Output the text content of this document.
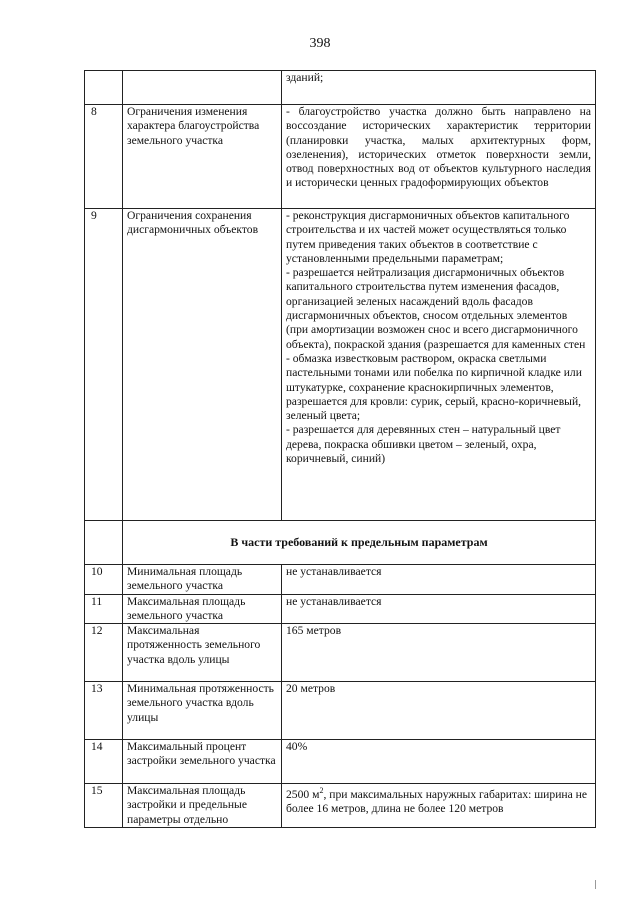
398
		зданий;
8	Ограничения изменения характера благоустройства земельного участка	- благоустройство участка должно быть направлено на воссоздание исторических характеристик территории (планировки участка, малых архитектурных форм, озеленения), исторических отметок поверхности земли, отвод поверхностных вод от объектов культурного наследия и исторически ценных градоформирующих объектов
9	Ограничения сохранения дисгармоничных объектов	- реконструкция дисгармоничных объектов капитального строительства и их частей может осуществляться только путем приведения таких объектов в соответствие с установленными предельными параметрам;
- разрешается нейтрализация дисгармоничных объектов капитального строительства путем изменения фасадов, организацией зеленых насаждений вдоль фасадов дисгармоничных объектов, сносом отдельных элементов (при амортизации возможен снос и всего дисгармоничного объекта), покраской здания (разрешается для каменных стен - обмазка известковым раствором, окраска светлыми пастельными тонами или побелка по кирпичной кладке или штукатурке, сохранение краснокирпичных элементов, разрешается для кровли: сурик, серый, красно-коричневый, зеленый цвета;
- разрешается для деревянных стен – натуральный цвет дерева, покраска обшивки цветом – зеленый, охра, коричневый, синий)
	В части требований к предельным параметрам	
10	Минимальная площадь земельного участка	не устанавливается
11	Максимальная площадь земельного участка	не устанавливается
12	Максимальная протяженность земельного участка вдоль улицы	165 метров
13	Минимальная протяженность земельного участка вдоль улицы	20 метров
14	Максимальный процент застройки земельного участка	40%
15	Максимальная площадь застройки и предельные параметры отдельно	2500 $м^2$, при максимальных наружных габаритах: ширина не более 16 метров, длина не более 120 метров
